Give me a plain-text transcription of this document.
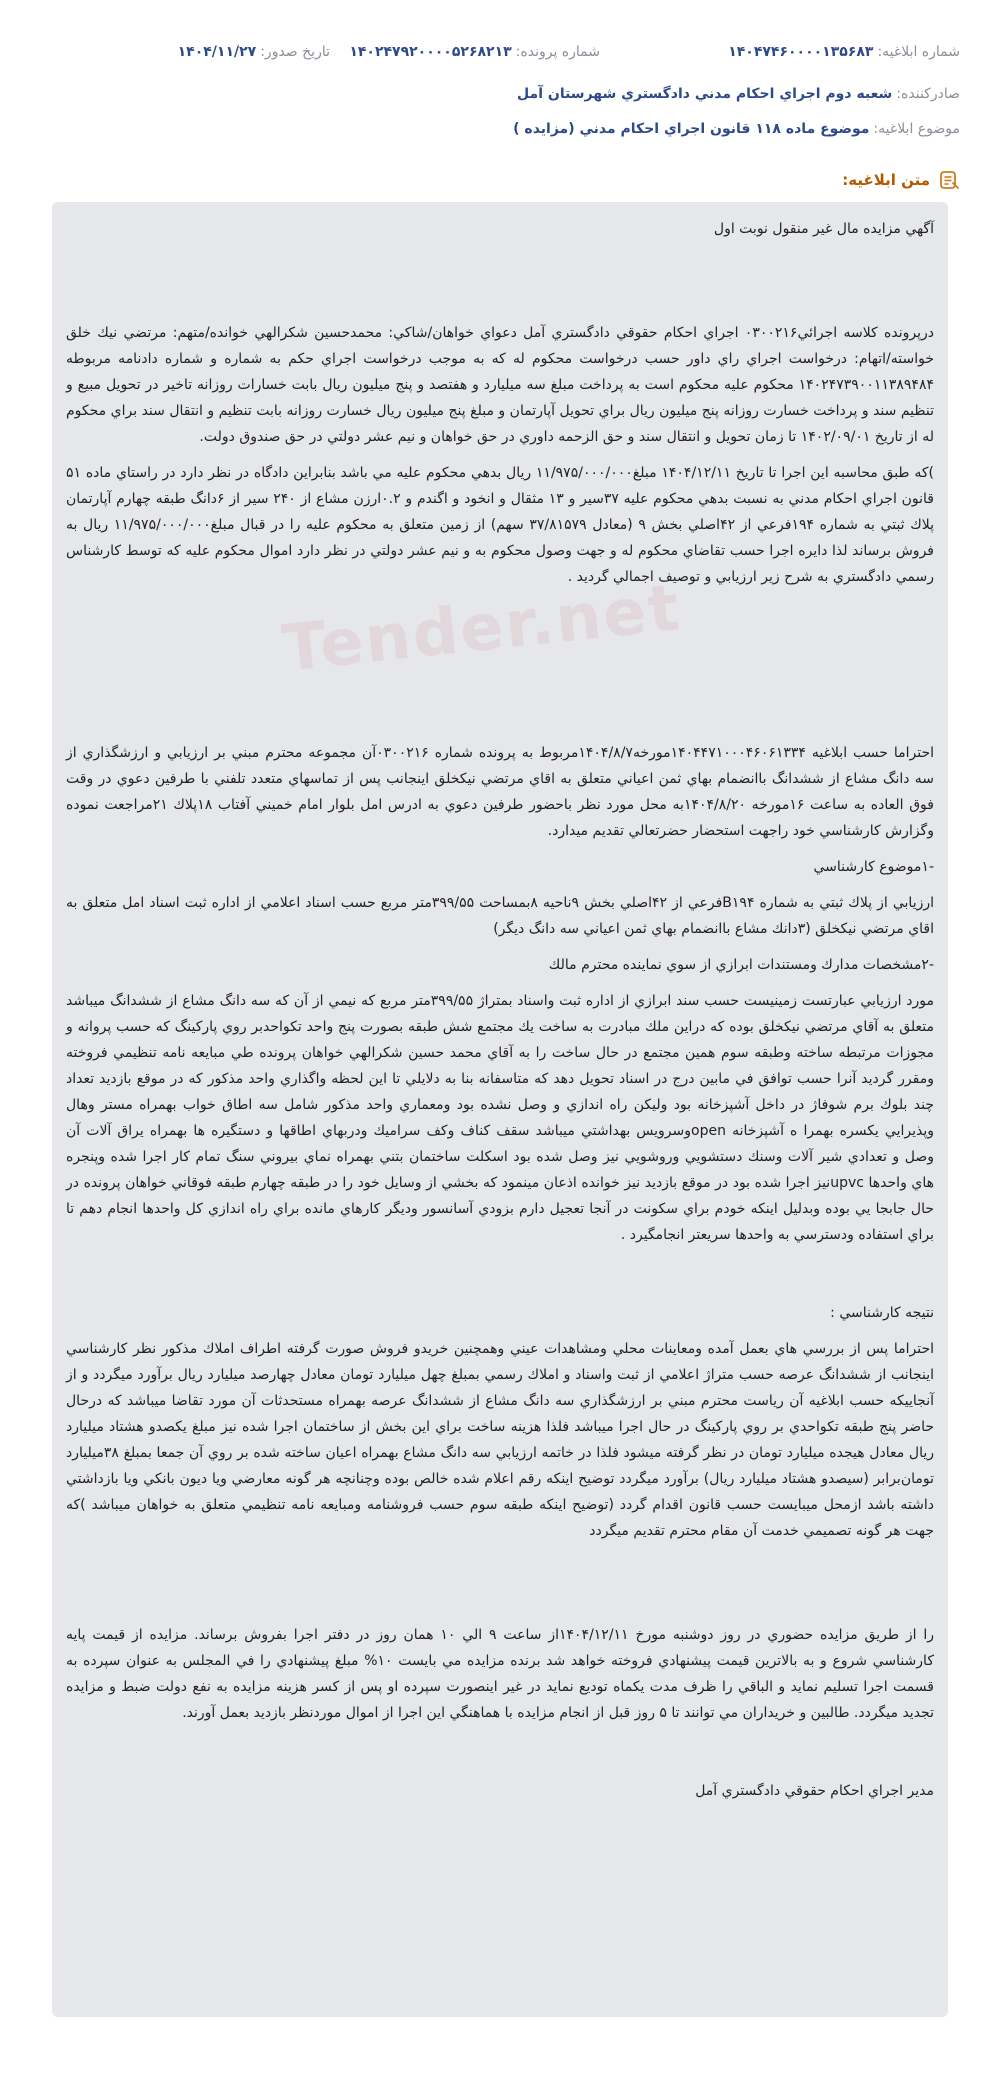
شماره ابلاغيه:۱۴۰۴۷۴۶۰۰۰۰۱۳۵۶۸۳
شماره پرونده:۱۴۰۲۴۷۹۲۰۰۰۰۵۲۶۸۲۱۳
تاريخ صدور:۱۴۰۴/۱۱/۲۷
صادرکننده:شعبه دوم اجراي احكام مدني دادگستري شهرستان آمل
موضوع ابلاغيه:موضوع ماده ۱۱۸ قانون اجراي احكام مدني (مزايده )
متن ابلاغيه:
Tender.net

آگهي مزايده مال غير منقول نوبت اول

درپرونده كلاسه اجرائي۰۳۰۰۲۱۶ اجراي احكام حقوقي دادگستري آمل دعواي خواهان/شاكي: محمدحسين شكرالهي خوانده/متهم: مرتضي نيك خلق خواسته/اتهام: درخواست اجراي راي داور حسب درخواست محكوم له كه به موجب درخواست اجراي حكم به شماره و شماره دادنامه مربوطه ۱۴۰۲۴۷۳۹۰۰۱۱۳۸۹۴۸۴ محكوم عليه محكوم است به پرداخت مبلغ سه ميليارد و هفتصد و پنج ميليون ريال بابت خسارات روزانه تاخير در تحويل مبيع و تنظيم سند و پرداخت خسارت روزانه پنج ميليون ريال براي تحويل آپارتمان و مبلغ پنج ميليون ريال خسارت روزانه بابت تنظيم و انتقال سند براي محكوم له از تاريخ ۱۴۰۲/۰۹/۰۱ تا زمان تحويل و انتقال سند و حق الزحمه داوري در حق خواهان و نيم عشر دولتي در حق صندوق دولت.

)كه طبق محاسبه اين اجرا تا تاريخ ۱۴۰۴/۱۲/۱۱ مبلغ۱۱/۹۷۵/۰۰۰/۰۰۰ ريال بدهي محكوم عليه مي باشد بنابراين دادگاه در نظر دارد در راستاي ماده ۵۱ قانون اجراي احكام مدني به نسبت بدهي محكوم عليه ۳۷سير و ۱۳ مثقال و انخود و اگندم و ۰.۲ارزن مشاع از ۲۴۰ سير از ۶دانگ طبقه چهارم آپارتمان پلاك ثبتي به شماره ۱۹۴فرعي از ۴۲اصلي بخش ۹ (معادل ۳۷/۸۱۵۷۹ سهم) از زمين متعلق به محكوم عليه را در قبال مبلغ۱۱/۹۷۵/۰۰۰/۰۰۰ ريال به فروش برساند لذا دايره اجرا حسب تقاضاي محكوم له و جهت وصول محكوم به و نيم عشر دولتي در نظر دارد اموال محكوم عليه كه توسط كارشناس رسمي دادگستري به شرح زير ارزيابي و توصيف اجمالي گرديد .

احتراما حسب ابلاغيه ۱۴۰۴۴۷۱۰۰۰۴۶۰۶۱۳۳۴مورخه۱۴۰۴/۸/۷مربوط به پرونده شماره ۰۳۰۰۲۱۶آن مجموعه محترم مبني بر ارزيابي و ارزشگذاري از سه دانگ مشاع از ششدانگ باانضمام بهاي ثمن اعياني متعلق به اقاي مرتضي نيكخلق اينجانب پس از تماسهاي متعدد تلفني با طرفين دعوي در وقت فوق العاده به ساعت ۱۶مورخه ۱۴۰۴/۸/۲۰به محل مورد نظر باحضور طرفين دعوي به ادرس امل بلوار امام خميني آفتاب ۱۸پلاك ۲۱مراجعت نموده وگزارش كارشناسي خود راجهت استحضار حضرتعالي تقديم ميدارد.

-۱موضوع كارشناسي

ارزيابي از پلاك ثبتي به شماره B۱۹۴فرعي از ۴۲اصلي بخش ۹ناحيه ۸بمساحت ۳۹۹/۵۵متر مربع حسب اسناد اعلامي از اداره ثبت اسناد امل متعلق به اقاي مرتضي نيكخلق (۳دانك مشاع باانضمام بهاي ثمن اعياني سه دانگ ديگر)

-۲مشخصات مدارك ومستندات ابرازي از سوي نماينده محترم مالك

مورد ارزيابي عبارتست زمينيست حسب سند ابرازي از اداره ثبت واسناد بمتراژ ۳۹۹/۵۵متر مربع كه نيمي از آن كه سه دانگ مشاع از ششدانگ ميباشد متعلق به آقاي مرتضي نيكخلق بوده كه دراين ملك مبادرت به ساخت يك مجتمع شش طبقه بصورت پنج واحد تكواحدبر روي پاركينگ كه حسب پروانه و مجوزات مرتبطه ساخته وطبقه سوم همين مجتمع در حال ساخت را به آقاي محمد حسين شكرالهي خواهان پرونده طي مبايعه نامه تنظيمي فروخته ومقرر گرديد آنرا حسب توافق في مابين درج در اسناد تحويل دهد كه متاسفانه بنا به دلايلي تا اين لحظه واگذاري واحد مذكور كه در موقع بازديد تعداد چند بلوك برم شوفاژ در داخل آشپزخانه بود وليكن راه اندازي و وصل نشده بود ومعماري واحد مذكور شامل سه اطاق خواب بهمراه مستر وهال وپذيرايي يكسره بهمرا ه آشپزخانه openوسرويس بهداشتي ميباشد سقف كناف وكف سراميك ودربهاي اطاقها و دستگيره ها بهمراه يراق آلات آن وصل و تعدادي شير آلات وسنك دستشويي وروشويي نيز وصل شده بود اسكلت ساختمان بتني بهمراه نماي بيروني سنگ تمام كار اجرا شده وپنجره هاي واحدها upvcنيز اجرا شده بود در موقع بازديد نيز خوانده اذعان مينمود كه بخشي از وسايل خود را در طبقه چهارم طبقه فوقاني خواهان پرونده در حال جابجا يي بوده وبدليل اينكه خودم براي سكونت در آنجا تعجيل دارم بزودي آسانسور وديگر كارهاي مانده براي راه اندازي كل واحدها انجام دهم تا براي استفاده ودسترسي به واحدها سريعتر انجامگيرد .

نتيجه كارشناسي :

احتراما پس از بررسي هاي بعمل آمده ومعاينات محلي ومشاهدات عيني وهمچنين خريدو فروش صورت گرفته اطراف املاك مذكور نظر كارشناسي اينجانب از ششدانگ عرصه حسب متراژ اعلامي از ثبت واسناد و املاك رسمي بمبلغ چهل ميليارد تومان معادل چهارصد ميليارد ريال برآورد ميگردد و از آنجاييكه حسب ابلاغيه آن رياست محترم مبني بر ارزشگذاري سه دانگ مشاع از ششدانگ عرصه بهمراه مستحدثات آن مورد تقاضا ميباشد كه درحال حاضر پنج طبقه تكواحدي بر روي پاركينگ در حال اجرا ميباشد فلذا هزينه ساخت براي اين بخش از ساختمان اجرا شده نيز مبلغ يكصدو هشتاد ميليارد ريال معادل هيجده ميليارد تومان در نظر گرفته ميشود فلذا در خاتمه ارزيابي سه دانگ مشاع بهمراه اعيان ساخته شده بر روي آن جمعا بمبلغ ۳۸ميليارد تومان‌برابر (سيصدو هشتاد ميليارد ريال) برآورد ميگردد توضيح اينكه رقم اعلام شده خالص بوده وچنانچه هر گونه معارضي ويا ديون بانكي ويا بازداشتي داشته باشد ازمحل ميبايست حسب قانون اقدام گردد (توضيح اينكه طبقه سوم حسب فروشنامه ومبايعه نامه تنظيمي متعلق به خواهان ميباشد )كه جهت هر گونه تصميمي خدمت آن مقام محترم تقديم ميگردد

را از طريق مزايده حضوري در روز دوشنبه مورخ ۱۴۰۴/۱۲/۱۱از ساعت ۹ الي ۱۰ همان روز در دفتر اجرا بفروش برساند. مزايده از قيمت پايه كارشناسي شروع و به بالاترين قيمت پيشنهادي فروخته خواهد شد برنده مزايده مي بايست ۱۰% مبلغ پيشنهادي را في المجلس به عنوان سپرده به قسمت اجرا تسليم نمايد و الباقي را ظرف مدت يكماه توديع نمايد در غير اينصورت سپرده او پس از كسر هزينه مزايده به نفع دولت ضبط و مزايده تجديد ميگردد. طالبين و خريداران مي توانند تا ۵ روز قبل از انجام مزايده با هماهنگي اين اجرا از اموال موردنظر بازديد بعمل آورند.

مدير اجراي احكام حقوقي دادگستري آمل
